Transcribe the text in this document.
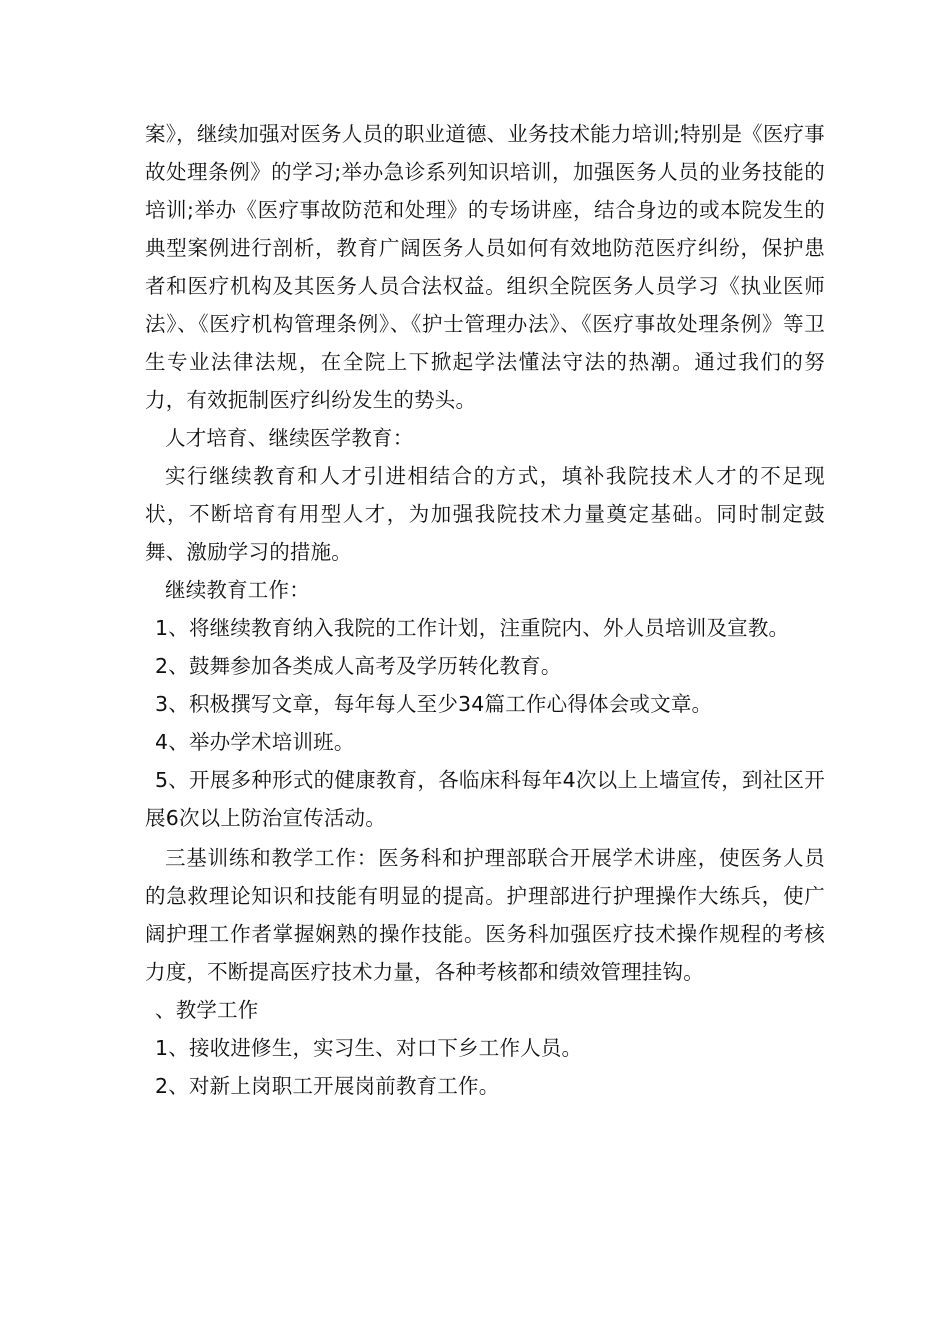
案》，继续加强对医务人员的职业道德、业务技术能力培训;特别是《医疗事故处理条例》的学习;举办急诊系列知识培训，加强医务人员的业务技能的培训;举办《医疗事故防范和处理》的专场讲座，结合身边的或本院发生的典型案例进行剖析，教育广阔医务人员如何有效地防范医疗纠纷，保护患者和医疗机构及其医务人员合法权益。组织全院医务人员学习《执业医师法》、《医疗机构管理条例》、《护士管理办法》、《医疗事故处理条例》等卫生专业法律法规，在全院上下掀起学法懂法守法的热潮。通过我们的努力，有效扼制医疗纠纷发生的势头。

人才培育、继续医学教育：

实行继续教育和人才引进相结合的方式，填补我院技术人才的不足现状，不断培育有用型人才，为加强我院技术力量奠定基础。同时制定鼓舞、激励学习的措施。

继续教育工作：

1、将继续教育纳入我院的工作计划，注重院内、外人员培训及宣教。

2、鼓舞参加各类成人高考及学历转化教育。

3、积极撰写文章，每年每人至少34篇工作心得体会或文章。

4、举办学术培训班。

5、开展多种形式的健康教育，各临床科每年4次以上上墙宣传，到社区开展6次以上防治宣传活动。

三基训练和教学工作：医务科和护理部联合开展学术讲座，使医务人员的急救理论知识和技能有明显的提高。护理部进行护理操作大练兵，使广阔护理工作者掌握娴熟的操作技能。医务科加强医疗技术操作规程的考核力度，不断提高医疗技术力量，各种考核都和绩效管理挂钩。

、教学工作

1、接收进修生，实习生、对口下乡工作人员。

2、对新上岗职工开展岗前教育工作。
